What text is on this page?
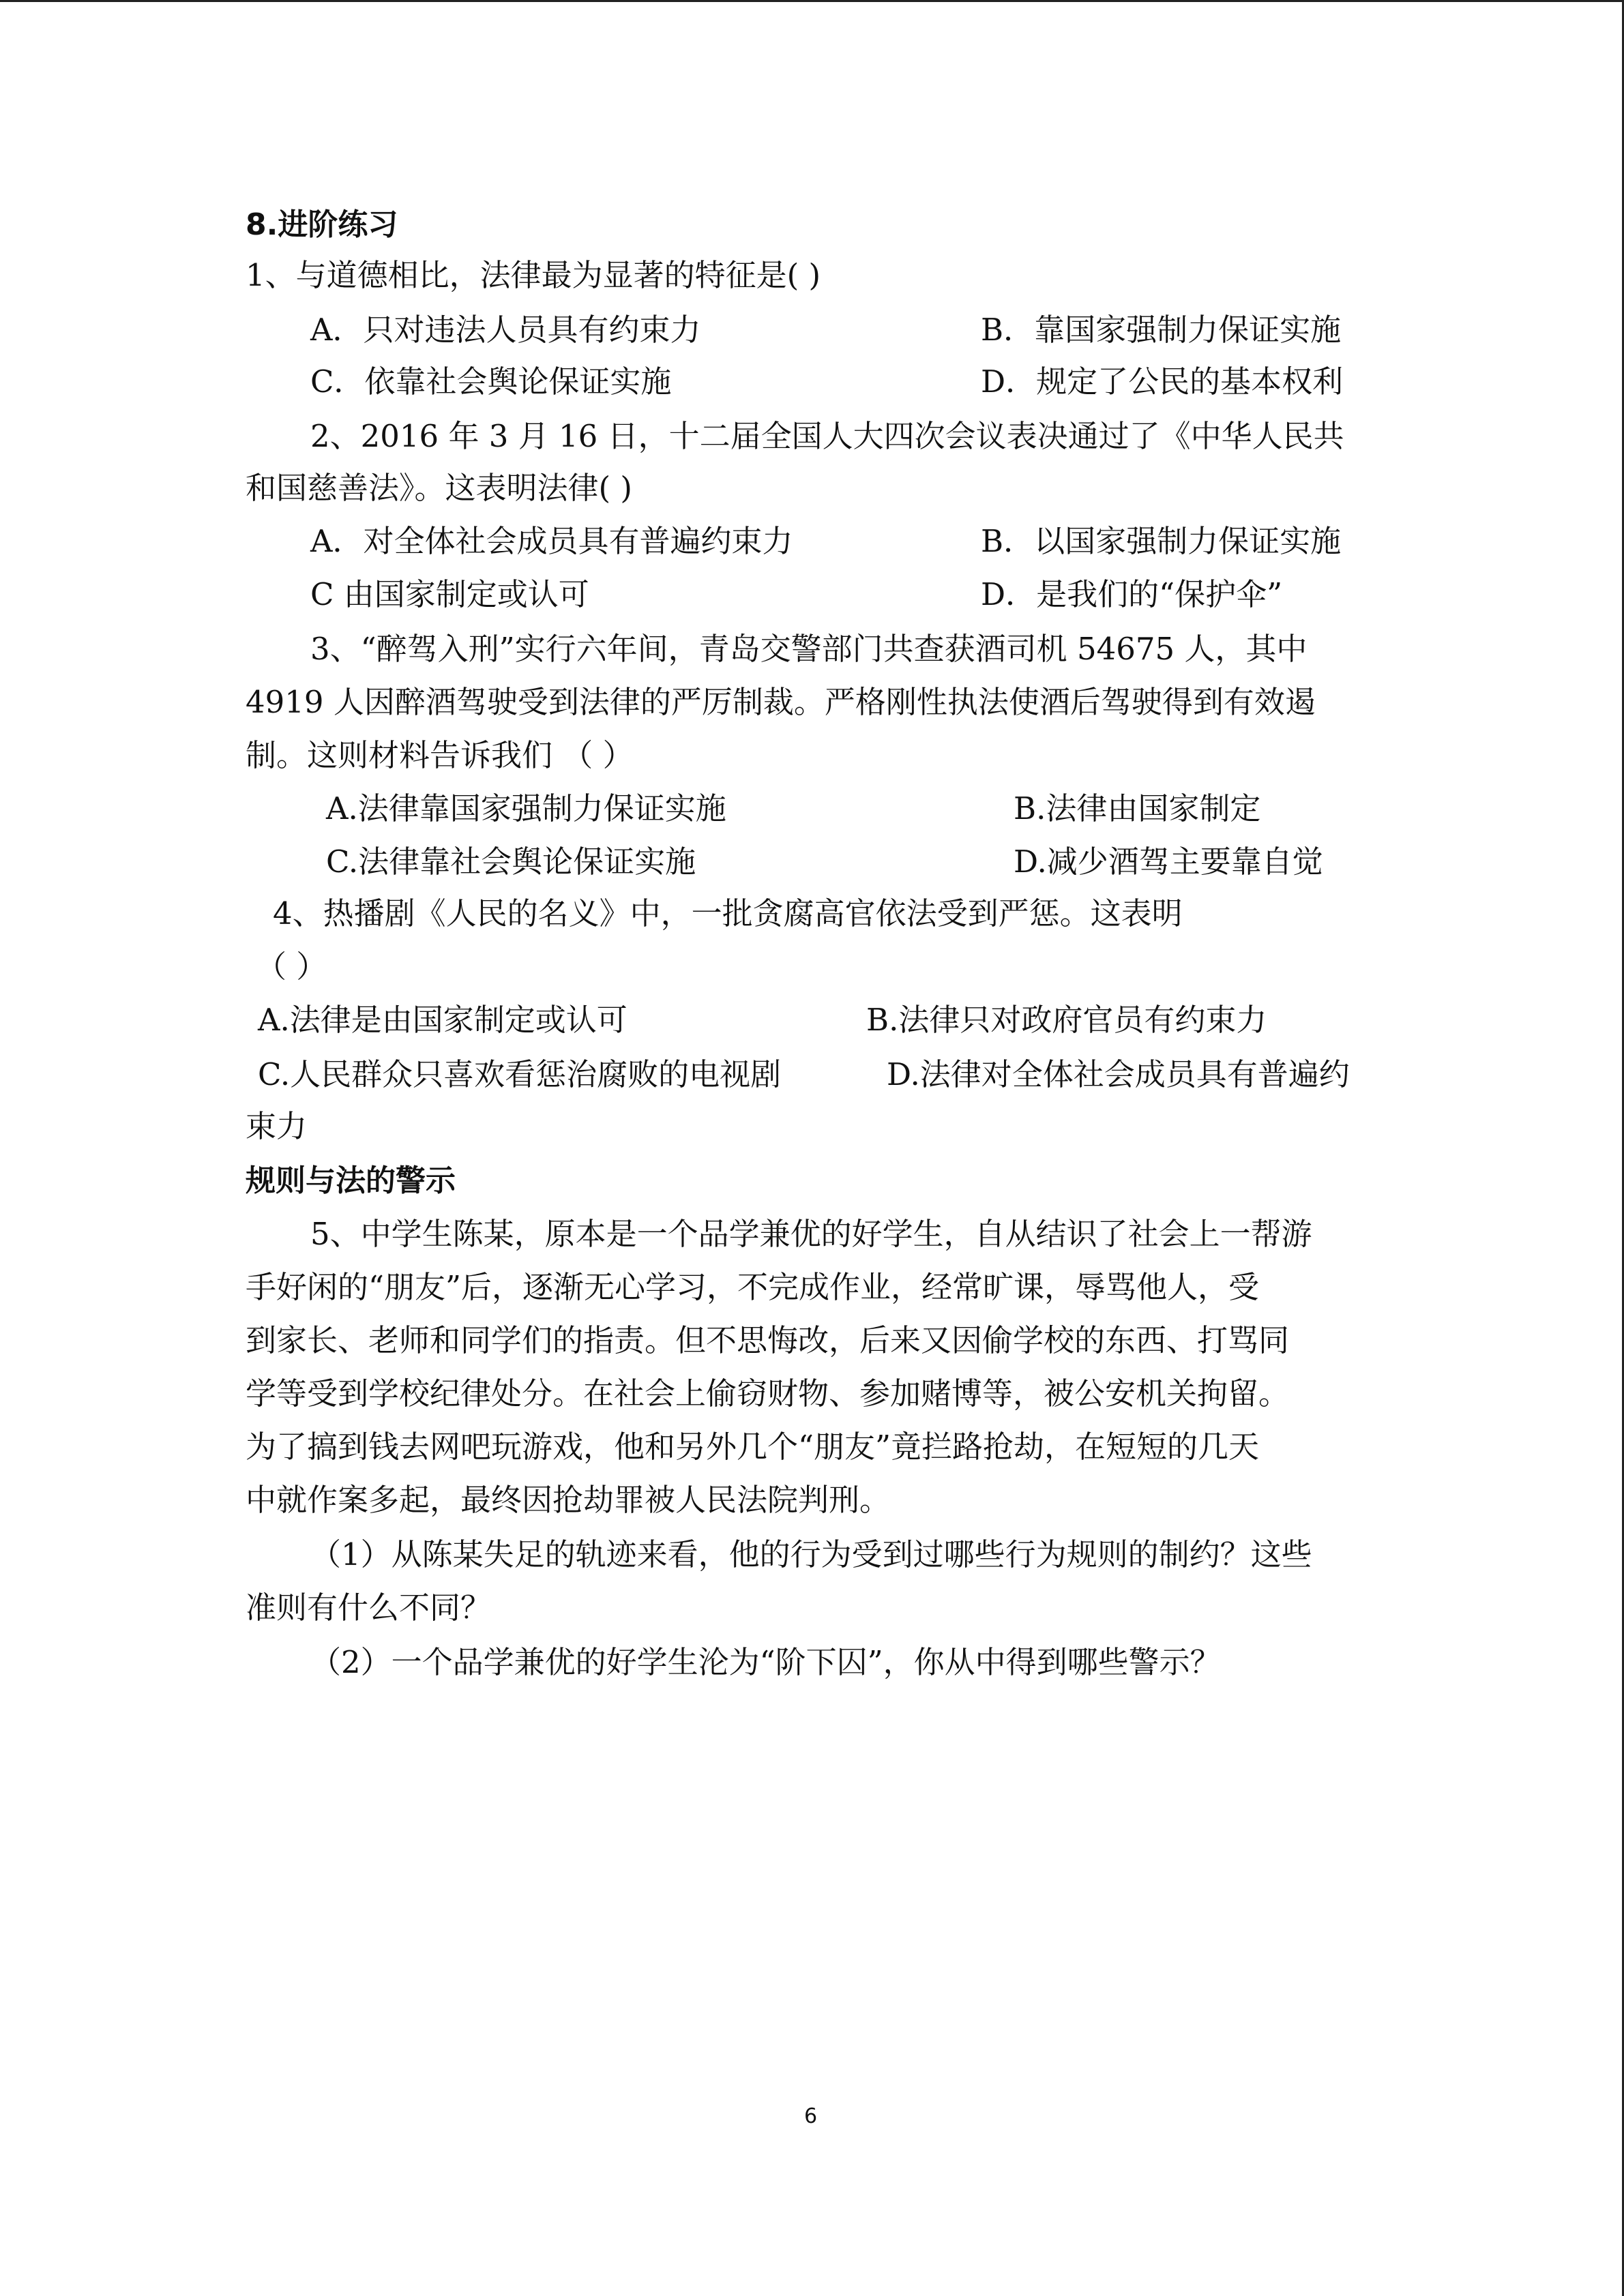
8.进阶练习
1、与道德相比，法律最为显著的特征是( )
A．只对违法人员具有约束力	B．靠国家强制力保证实施
C．依靠社会舆论保证实施	D．规定了公民的基本权利
2、2016 年 3 月 16 日，十二届全国人大四次会议表决通过了《中华人民共
和国慈善法》。这表明法律( )
A．对全体社会成员具有普遍约束力	B．以国家强制力保证实施
C 由国家制定或认可	D．是我们的“保护伞”
3、“醉驾入刑”实行六年间，青岛交警部门共查获酒司机 54675 人，其中
4919 人因醉酒驾驶受到法律的严厉制裁。严格刚性执法使酒后驾驶得到有效遏
制。这则材料告诉我们 （ ）
A.法律靠国家强制力保证实施	B.法律由国家制定
C.法律靠社会舆论保证实施	D.减少酒驾主要靠自觉
4、热播剧《人民的名义》中，一批贪腐高官依法受到严惩。这表明
（ ）
A.法律是由国家制定或认可	B.法律只对政府官员有约束力
C.人民群众只喜欢看惩治腐败的电视剧	D.法律对全体社会成员具有普遍约
束力
规则与法的警示
5、中学生陈某，原本是一个品学兼优的好学生，自从结识了社会上一帮游
手好闲的“朋友”后，逐渐无心学习，不完成作业，经常旷课，辱骂他人，受
到家长、老师和同学们的指责。但不思悔改，后来又因偷学校的东西、打骂同
学等受到学校纪律处分。在社会上偷窃财物、参加赌博等，被公安机关拘留。
为了搞到钱去网吧玩游戏，他和另外几个“朋友”竟拦路抢劫，在短短的几天
中就作案多起，最终因抢劫罪被人民法院判刑。
（1）从陈某失足的轨迹来看，他的行为受到过哪些行为规则的制约？这些
准则有什么不同？
（2）一个品学兼优的好学生沦为“阶下囚”，你从中得到哪些警示？
6
